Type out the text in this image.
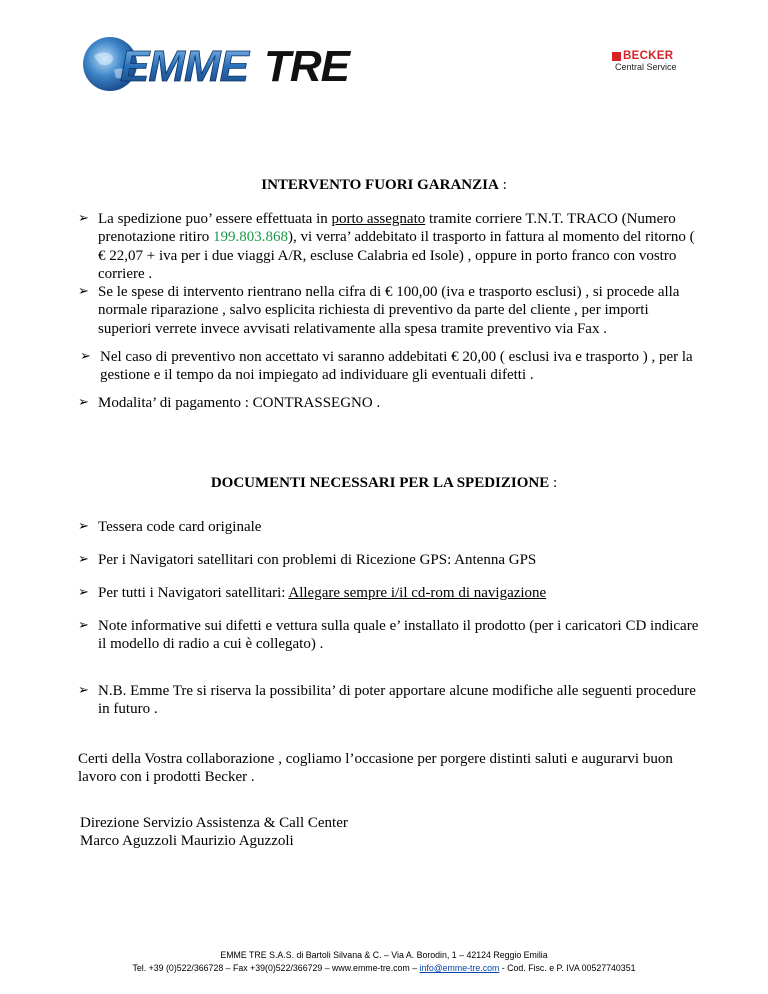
EMME TRE	BECKER
Central Service
INTERVENTO FUORI GARANZIA :
➢ La spedizione puo’ essere effettuata in porto assegnato tramite corriere T.N.T. TRACO (Numero prenotazione ritiro 199.803.868), vi verra’ addebitato il trasporto in fattura al momento del ritorno ( € 22,07 + iva per i due viaggi A/R, escluse Calabria ed Isole) , oppure in porto franco con vostro corriere .
➢ Se le spese di intervento rientrano nella cifra di € 100,00 (iva e trasporto esclusi) , si procede alla normale riparazione , salvo esplicita richiesta di preventivo da parte del cliente , per importi superiori verrete invece avvisati relativamente alla spesa tramite preventivo via Fax .
➢ Nel caso di preventivo non accettato vi saranno addebitati € 20,00 ( esclusi iva e trasporto ) , per la gestione e il tempo da noi impiegato ad individuare gli eventuali difetti .
➢ Modalita’ di pagamento : CONTRASSEGNO .
DOCUMENTI NECESSARI PER LA SPEDIZIONE :
➢ Tessera code card originale
➢ Per i Navigatori satellitari con problemi di Ricezione GPS: Antenna GPS
➢ Per tutti i Navigatori satellitari: Allegare sempre i/il cd-rom di navigazione
➢ Note informative sui difetti e vettura sulla quale e’ installato il prodotto (per i caricatori CD indicare il modello di radio a cui è collegato) .
➢ N.B. Emme Tre si riserva la possibilita’ di poter apportare alcune modifiche alle seguenti procedure in futuro .

Certi della Vostra collaborazione , cogliamo l’occasione per porgere distinti saluti e augurarvi buon lavoro con i prodotti Becker .

Direzione Servizio Assistenza & Call Center

Marco Aguzzoli Maurizio Aguzzoli

EMME TRE S.A.S. di Bartoli Silvana & C. – Via A. Borodin, 1 – 42124 Reggio Emilia
Tel. +39 (0)522/366728 – Fax +39(0)522/366729 – www.emme-tre.com – info@emme-tre.com - Cod. Fisc. e P. IVA 00527740351
